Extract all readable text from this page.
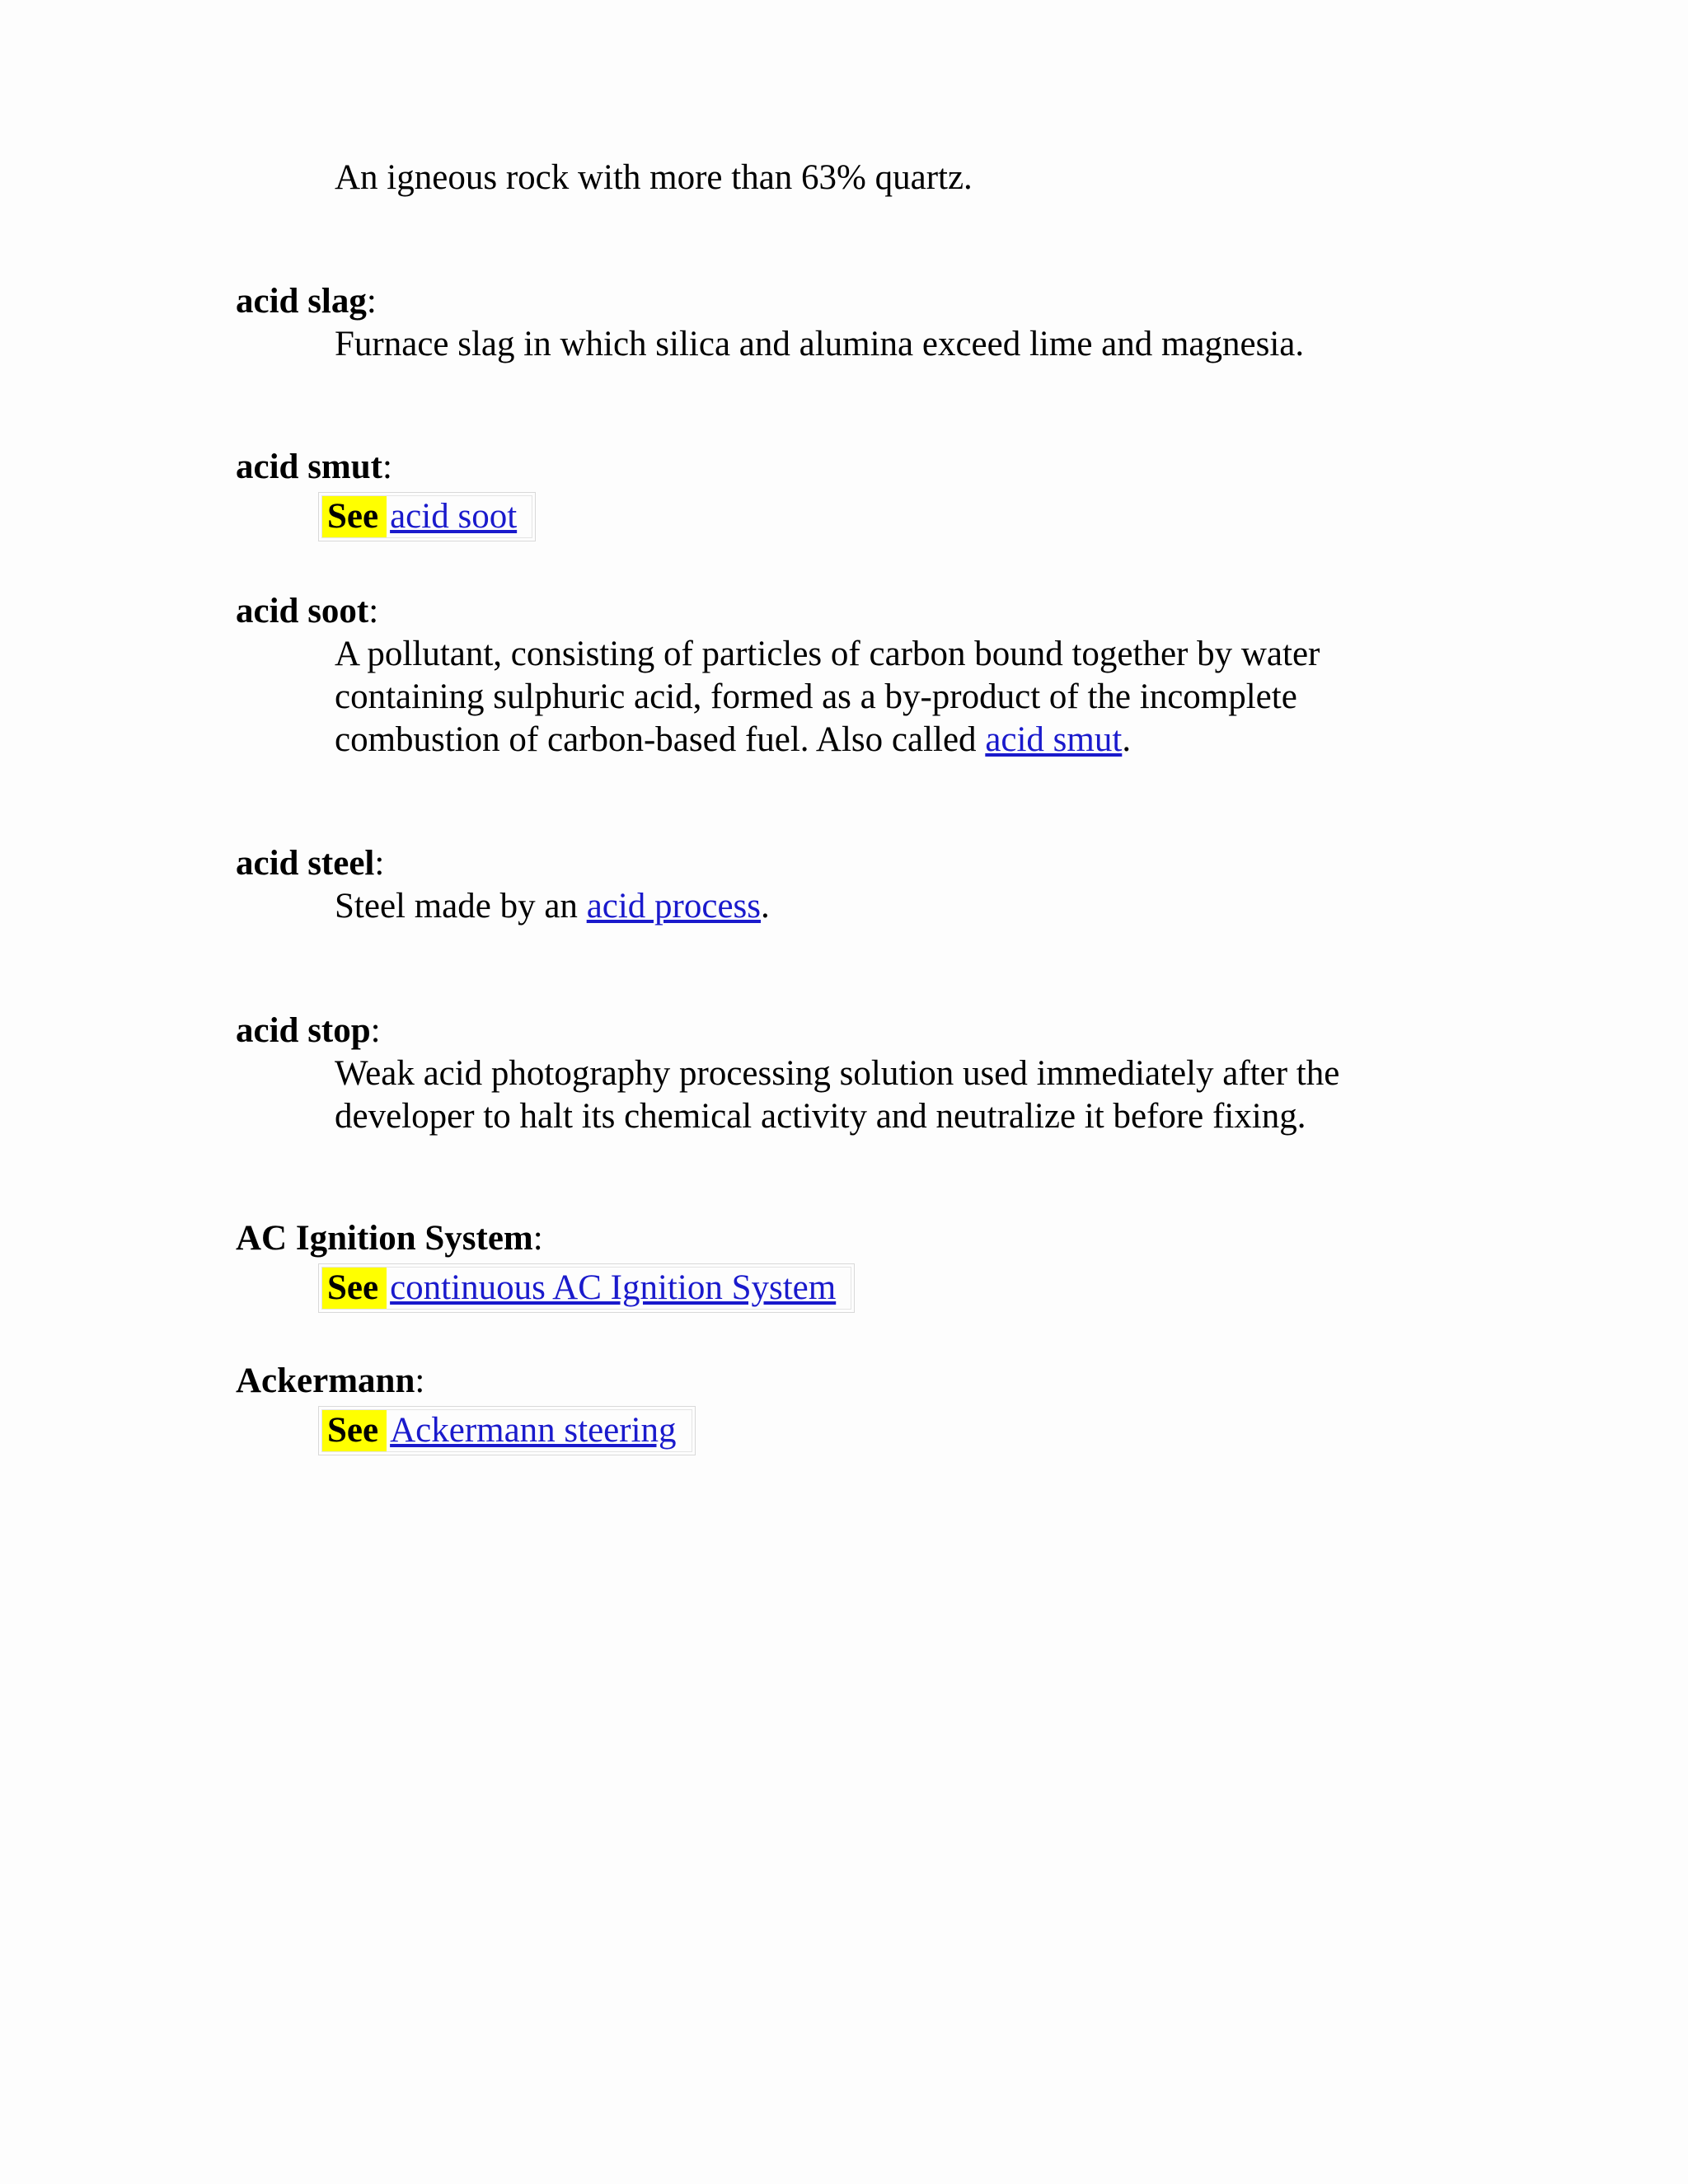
An igneous rock with more than 63% quartz.
acid slag:
Furnace slag in which silica and alumina exceed lime and magnesia.
acid smut:
See acid soot
acid soot:
A pollutant, consisting of particles of carbon bound together by water containing sulphuric acid, formed as a by-product of the incomplete combustion of carbon-based fuel. Also called acid smut.
acid steel:
Steel made by an acid process.
acid stop:
Weak acid photography processing solution used immediately after the developer to halt its chemical activity and neutralize it before fixing.
AC Ignition System:
See continuous AC Ignition System
Ackermann:
See Ackermann steering
